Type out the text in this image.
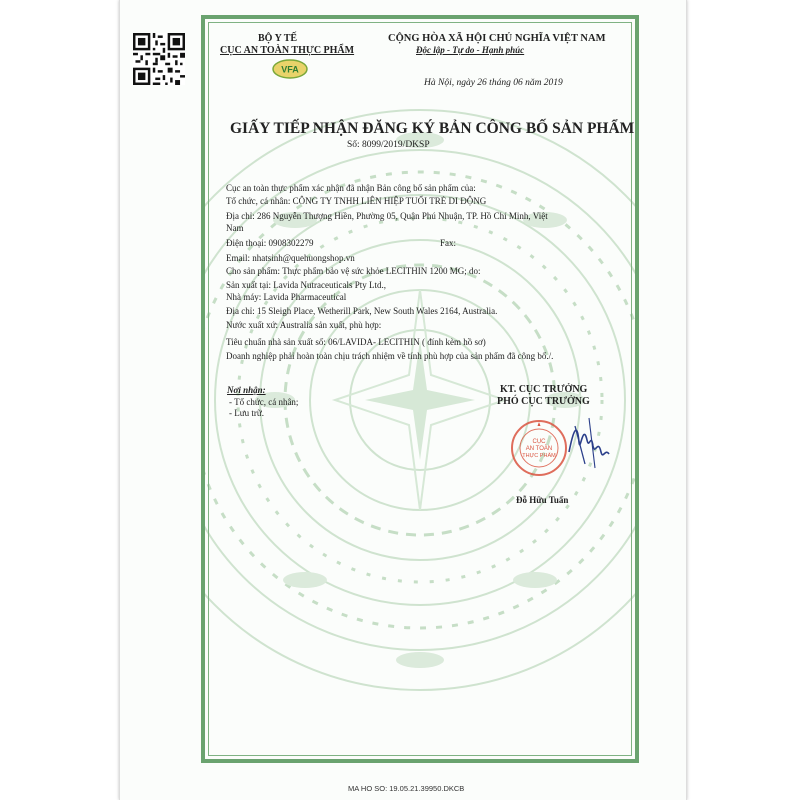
BỘ Y TẾ
CỤC AN TOÀN THỰC PHẨM
CỘNG HÒA XÃ HỘI CHỦ NGHĨA VIỆT NAM
Độc lập - Tự do - Hạnh phúc
VFA
Hà Nội, ngày 26 tháng 06 năm 2019
GIẤY TIẾP NHẬN ĐĂNG KÝ BẢN CÔNG BỐ SẢN PHẨM
Số: 8099/2019/DKSP
Cục an toàn thực phẩm xác nhận đã nhận Bản công bố sản phẩm của:
Tổ chức, cá nhân: CÔNG TY TNHH LIÊN HIỆP TUỔI TRẺ DI ĐỘNG
Địa chỉ: 286 Nguyễn Thượng Hiền, Phường 05, Quận Phú Nhuận, TP. Hồ Chí Minh, Việt
Nam
Điện thoại: 0908302279	Fax:
Email: nhatsinh@quehuongshop.vn
Cho sản phẩm: Thực phẩm bảo vệ sức khỏe LECITHIN 1200 MG; do:
Sản xuất tại: Lavida Nutraceuticals Pty Ltd.,
Nhà máy: Lavida Pharmaceutical
Địa chỉ: 15 Sleigh Place, Wetherill Park, New South Wales 2164, Australia.
Nước xuất xứ: Australia sản xuất, phù hợp:
Tiêu chuẩn nhà sản xuất số: 06/LAVIDA- LECITHIN ( đính kèm hồ sơ)
Doanh nghiệp phải hoàn toàn chịu trách nhiệm về tính phù hợp của sản phẩm đã công bố./.
Nơi nhận:
- Tổ chức, cá nhân;
- Lưu trữ.
KT. CỤC TRƯỞNG
PHÓ CỤC TRƯỞNG
CỤC
AN TOÀN
THỰC PHẨM
Đỗ Hữu Tuấn
MA HO SO: 19.05.21.39950.DKCB
